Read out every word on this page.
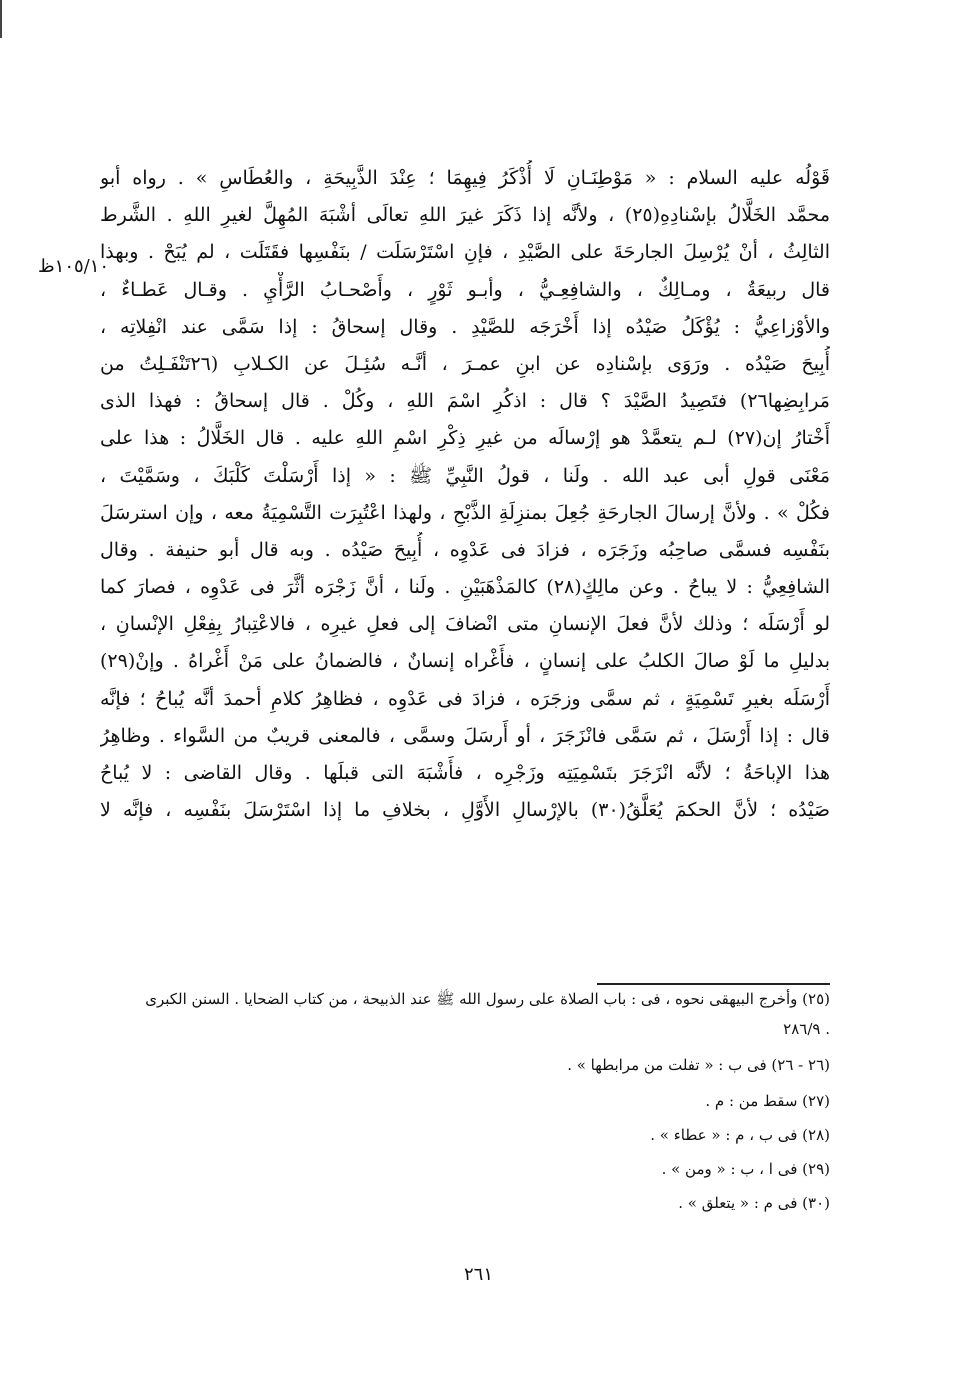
قَوْلُه عليه السلام : « مَوْطِنَـانِ لَا أُذْكَرُ فِيهِمَا ؛ عِنْدَ الذَّبِيحَةِ ، والعُطَاسِ » . رواه أبو
محمَّد الخَلَّالُ بإسْنادِهِ(٢٥) ، ولأنَّه إذا ذَكَرَ غيرَ اللهِ تعالَى أشْبَهَ المُهِلَّ لغيرِ اللهِ . الشَّرط
الثالِثُ ، أنْ يُرْسِلَ الجارحَةَ على الصَّيْدِ ، فإنِ اسْتَرْسَلَت / بنَفْسِها فقَتَلَت ، لم يُبَحْ . وبهذا
قال ربيعَةُ ، ومـالِكٌ ، والشافِعِـيُّ ، وأبـو ثَوْرٍ ، وأَصْحـابُ الرَّأْيِ . وقـال عَطـاءٌ ،
والأوْزاعِيُّ : يُؤْكَلُ صَيْدُه إذا أَخْرَجَه للصَّيْدِ . وقال إسحاقُ : إذا سَمَّى عند انْفِلاتِه ،
أُبِيحَ صَيْدُه . ورَوَى بإسْنادِه عن ابنِ عمـرَ ، أنَّـه سُئِـلَ عن الكـلابِ (٢٦تَنْفَـلِتُ من
مَرابِضِها٢٦) فتَصِيدُ الصَّيْدَ ؟ قال : اذكُرِ اسْمَ اللهِ ، وكُلْ . قال إسحاقُ : فهذا الذى
أَخْتارُ إن(٢٧) لـم يتعمَّدْ هو إرْسالَه من غيرِ ذِكْرِ اسْمِ اللهِ عليه . قال الخَلَّالُ : هذا على
مَعْنَى قولِ أبى عبد الله . ولَنا ، قولُ النَّبِيِّ ﷺ : « إذا أَرْسَلْتَ كَلْبَكَ ، وسَمَّيْتَ ،
فكُلْ » . ولأنَّ إرسالَ الجارحَةِ جُعِلَ بمنزِلَةِ الذَّبْحِ ، ولهذا اعْتُبِرَت التَّسْمِيَةُ معه ، وإن استرسَلَ
بنَفْسِه فسمَّى صاحِبُه وزَجَرَه ، فزادَ فى عَدْوِه ، أُبِيحَ صَيْدُه . وبه قال أبو حنيفة . وقال
الشافِعِيُّ : لا يباحُ . وعن مالِكٍ(٢٨) كالمَذْهَبَيْنِ . ولَنا ، أنَّ زَجْرَه أثَّرَ فى عَدْوِه ، فصارَ كما
لو أَرْسَلَه ؛ وذلك لأنَّ فعلَ الإنسانِ متى انْضافَ إلى فعلِ غيرِه ، فالاعْتِبارُ بِفِعْلِ الإنْسانِ ،
بدليلِ ما لَوْ صالَ الكلبُ على إنسانٍ ، فأَغْراه إنسانٌ ، فالضمانُ على مَنْ أَغْراهُ . وإنْ(٢٩)
أَرْسَلَه بغيرِ تَسْمِيَةٍ ، ثم سمَّى وزجَرَه ، فزادَ فى عَدْوِه ، فظاهِرُ كلامِ أحمدَ أنَّه يُباحُ ؛ فإنَّه
قال : إذا أَرْسَلَ ، ثم سَمَّى فانْزَجَرَ ، أو أَرسَلَ وسمَّى ، فالمعنى قريبٌ من السَّواء . وظاهِرُ
هذا الإباحَةُ ؛ لأنَّه انْزَجَرَ بتَسْمِيَتِه وزَجْرِه ، فأَشْبَهَ التى قبلَها . وقال القاضى : لا يُباحُ
صَيْدُه ؛ لأنَّ الحكمَ يُعَلَّقُ(٣٠) بالإرْسالِ الأَوَّلِ ، بخلافِ ما إذا اسْتَرْسَلَ بنَفْسِه ، فإنَّه لا
١٠٥/١٠ظ
(٢٥) وأخرج البيهقى نحوه ، فى : باب الصلاة على رسول الله ﷺ عند الذبيحة ، من كتاب الضحايا . السنن الكبرى
. ٢٨٦/٩
(٢٦ - ٢٦) فى ب : « تفلت من مرابطها » .
(٢٧) سقط من : م .
(٢٨) فى ب ، م : « عطاء » .
(٢٩) فى ا ، ب : « ومن » .
(٣٠) فى م : « يتعلق » .
٢٦١
